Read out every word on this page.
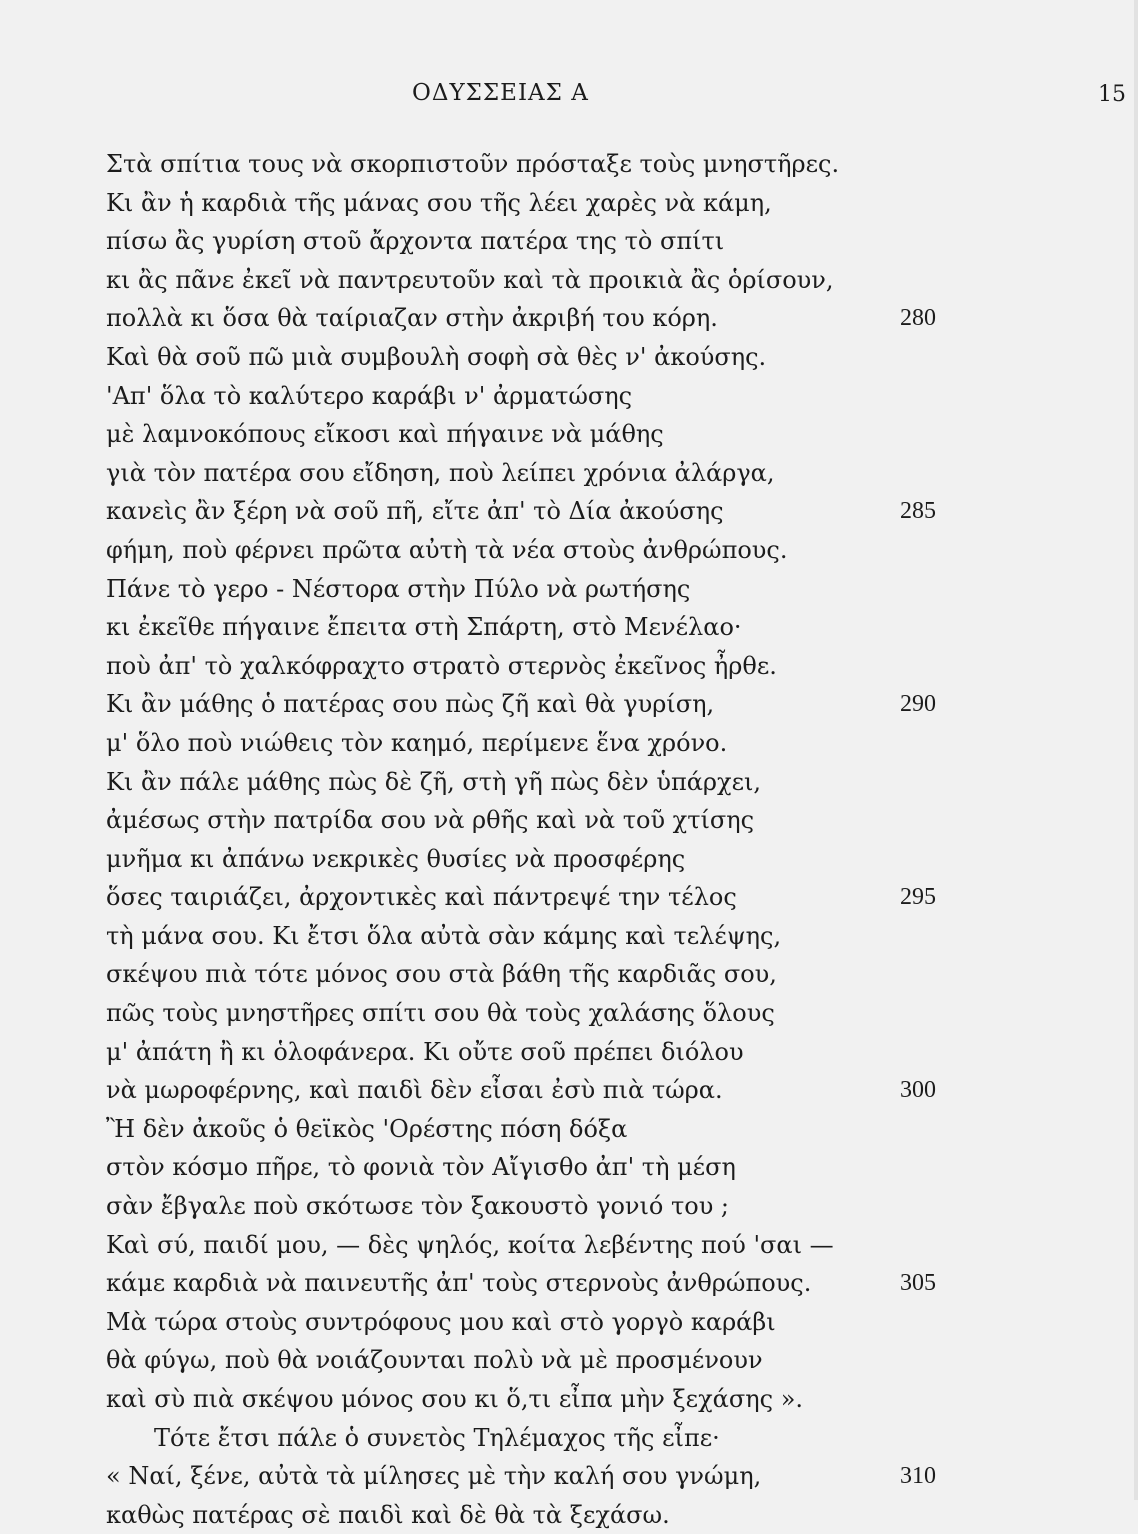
ΟΔΥΣΣΕΙΑΣ Α	15
Στὰ σπίτια τους νὰ σκορπιστοῦν πρόσταξε τοὺς μνηστῆρες.
Κι ἂν ἡ καρδιὰ τῆς μάνας σου τῆς λέει χαρὲς νὰ κάμη,
πίσω ἂς γυρίση στοῦ ἄρχοντα πατέρα της τὸ σπίτι
κι ἂς πᾶνε ἐκεῖ νὰ παντρευτοῦν καὶ τὰ προικιὰ ἂς ὁρίσουν,
πολλὰ κι ὅσα θὰ ταίριαζαν στὴν ἀκριβή του κόρη.	280
Καὶ θὰ σοῦ πῶ μιὰ συμβουλὴ σοφὴ σὰ θὲς ν' ἀκούσης.
'Απ' ὅλα τὸ καλύτερο καράβι ν' ἀρματώσης
μὲ λαμνοκόπους εἴκοσι καὶ πήγαινε νὰ μάθης
γιὰ τὸν πατέρα σου εἴδηση, ποὺ λείπει χρόνια ἀλάργα,
κανεὶς ἂν ξέρη νὰ σοῦ πῆ, εἴτε ἀπ' τὸ Δία ἀκούσης	285
φήμη, ποὺ φέρνει πρῶτα αὐτὴ τὰ νέα στοὺς ἀνθρώπους.
Πάνε τὸ γερο - Νέστορα στὴν Πύλο νὰ ρωτήσης
κι ἐκεῖθε πήγαινε ἔπειτα στὴ Σπάρτη, στὸ Μενέλαο·
ποὺ ἀπ' τὸ χαλκόφραχτο στρατὸ στερνὸς ἐκεῖνος ἦρθε.
Κι ἂν μάθης ὁ πατέρας σου πὼς ζῆ καὶ θὰ γυρίση,	290
μ' ὅλο ποὺ νιώθεις τὸν καημό, περίμενε ἕνα χρόνο.
Κι ἂν πάλε μάθης πὼς δὲ ζῆ, στὴ γῆ πὼς δὲν ὑπάρχει,
ἀμέσως στὴν πατρίδα σου νὰ ρθῆς καὶ νὰ τοῦ χτίσης
μνῆμα κι ἀπάνω νεκρικὲς θυσίες νὰ προσφέρης
ὅσες ταιριάζει, ἀρχοντικὲς καὶ πάντρεψέ την τέλος	295
τὴ μάνα σου. Κι ἔτσι ὅλα αὐτὰ σὰν κάμης καὶ τελέψης,
σκέψου πιὰ τότε μόνος σου στὰ βάθη τῆς καρδιᾶς σου,
πῶς τοὺς μνηστῆρες σπίτι σου θὰ τοὺς χαλάσης ὅλους
μ' ἀπάτη ἢ κι ὁλοφάνερα. Κι οὔτε σοῦ πρέπει διόλου
νὰ μωροφέρνης, καὶ παιδὶ δὲν εἶσαι ἐσὺ πιὰ τώρα.	300
Ἢ δὲν ἀκοῦς ὁ θεϊκὸς 'Ορέστης πόση δόξα
στὸν κόσμο πῆρε, τὸ φονιὰ τὸν Αἴγισθο ἀπ' τὴ μέση
σὰν ἔβγαλε ποὺ σκότωσε τὸν ξακουστὸ γονιό του ;
Καὶ σύ, παιδί μου, — δὲς ψηλός, κοίτα λεβέντης πού 'σαι —
κάμε καρδιὰ νὰ παινευτῆς ἀπ' τοὺς στερνοὺς ἀνθρώπους.	305
Μὰ τώρα στοὺς συντρόφους μου καὶ στὸ γοργὸ καράβι
θὰ φύγω, ποὺ θὰ νοιάζουνται πολὺ νὰ μὲ προσμένουν
καὶ σὺ πιὰ σκέψου μόνος σου κι ὅ,τι εἶπα μὴν ξεχάσης ».
Τότε ἔτσι πάλε ὁ συνετὸς Τηλέμαχος τῆς εἶπε·
« Ναί, ξένε, αὐτὰ τὰ μίλησες μὲ τὴν καλή σου γνώμη,	310
καθὼς πατέρας σὲ παιδὶ καὶ δὲ θὰ τὰ ξεχάσω.
